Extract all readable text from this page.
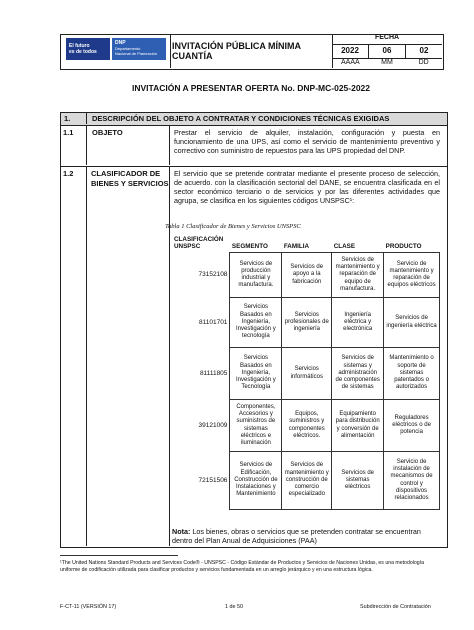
El futuro
es de todos
DNP
Departamento
Nacional de Planeación
INVITACIÓN PÚBLICA MÍNIMA CUANTÍA
FECHA
2022	06	02
AAAA	MM	DD
INVITACIÓN A PRESENTAR OFERTA No. DNP-MC-025-2022
1.	DESCRIPCIÓN DEL OBJETO A CONTRATAR Y CONDICIONES TÉCNICAS EXIGIDAS
1.1 OBJETO	Prestar el servicio de alquiler, instalación, configuración y puesta en funcionamiento de una UPS, así como el servicio de mantenimiento preventivo y correctivo con suministro de repuestos para las UPS propiedad del DNP.
1.2 CLASIFICADOR DE
BIENES Y SERVICIOS
El servicio que se pretende contratar mediante el presente proceso de selección, de acuerdo. con la clasificación sectorial del DANE, se encuentra clasificada en el sector económico terciario o de servicios y por las diferentes actividades que agrupa, se clasifica en los siguientes códigos UNSPSC¹:
Tabla 1 Clasificador de Bienes y Servicios UNSPSC
CLASIFICACIÓN UNSPSC	SEGMENTO	FAMILIA	CLASE	PRODUCTO
73152108	Servicios de producción industrial y manufactura.	Servicios de apoyo a la fabricación	Servicios de mantenimiento y reparación de equipo de manufactura.	Servicio de mantenimiento y reparación de equipos eléctricos
81101701	Servicios Basados en Ingeniería, Investigación y tecnología	Servicios profesionales de ingeniería	Ingeniería eléctrica y electrónica	Servicios de ingeniería eléctrica
81111805	Servicios Basados en Ingeniería, Investigación y Tecnología	Servicios informáticos	Servicios de sistemas y administración de componentes de sistemas	Mantenimiento o soporte de sistemas patentados o autorizados
39121009	Componentes, Accesorios y suministros de sistemas eléctricos e iluminación	Equipos, suministros y componentes eléctricos.	Equipamiento para distribución y conversión de alimentación	Reguladores eléctricos o de potencia
72151506	Servicios de Edificación, Construcción de Instalaciones y Mantenimiento	Servicios de mantenimiento y construcción de comercio especializado	Servicios de sistemas eléctricos	Servicio de instalación de mecanismos de control y dispositivos relacionados
Nota: Los bienes, obras o servicios que se pretenden contratar se encuentran dentro del Plan Anual de Adquisiciones (PAA)
¹The United Nations Standard Products and Services Code® - UNSPSC - Código Estándar de Productos y Servicios de Naciones Unidas, es una metodología uniforme de codificación utilizada para clasificar productos y servicios fundamentada en un arreglo jerárquico y en una estructura lógica.
F-CT-11 (VERSIÓN 17)	1 de 50	Subdirección de Contratación
